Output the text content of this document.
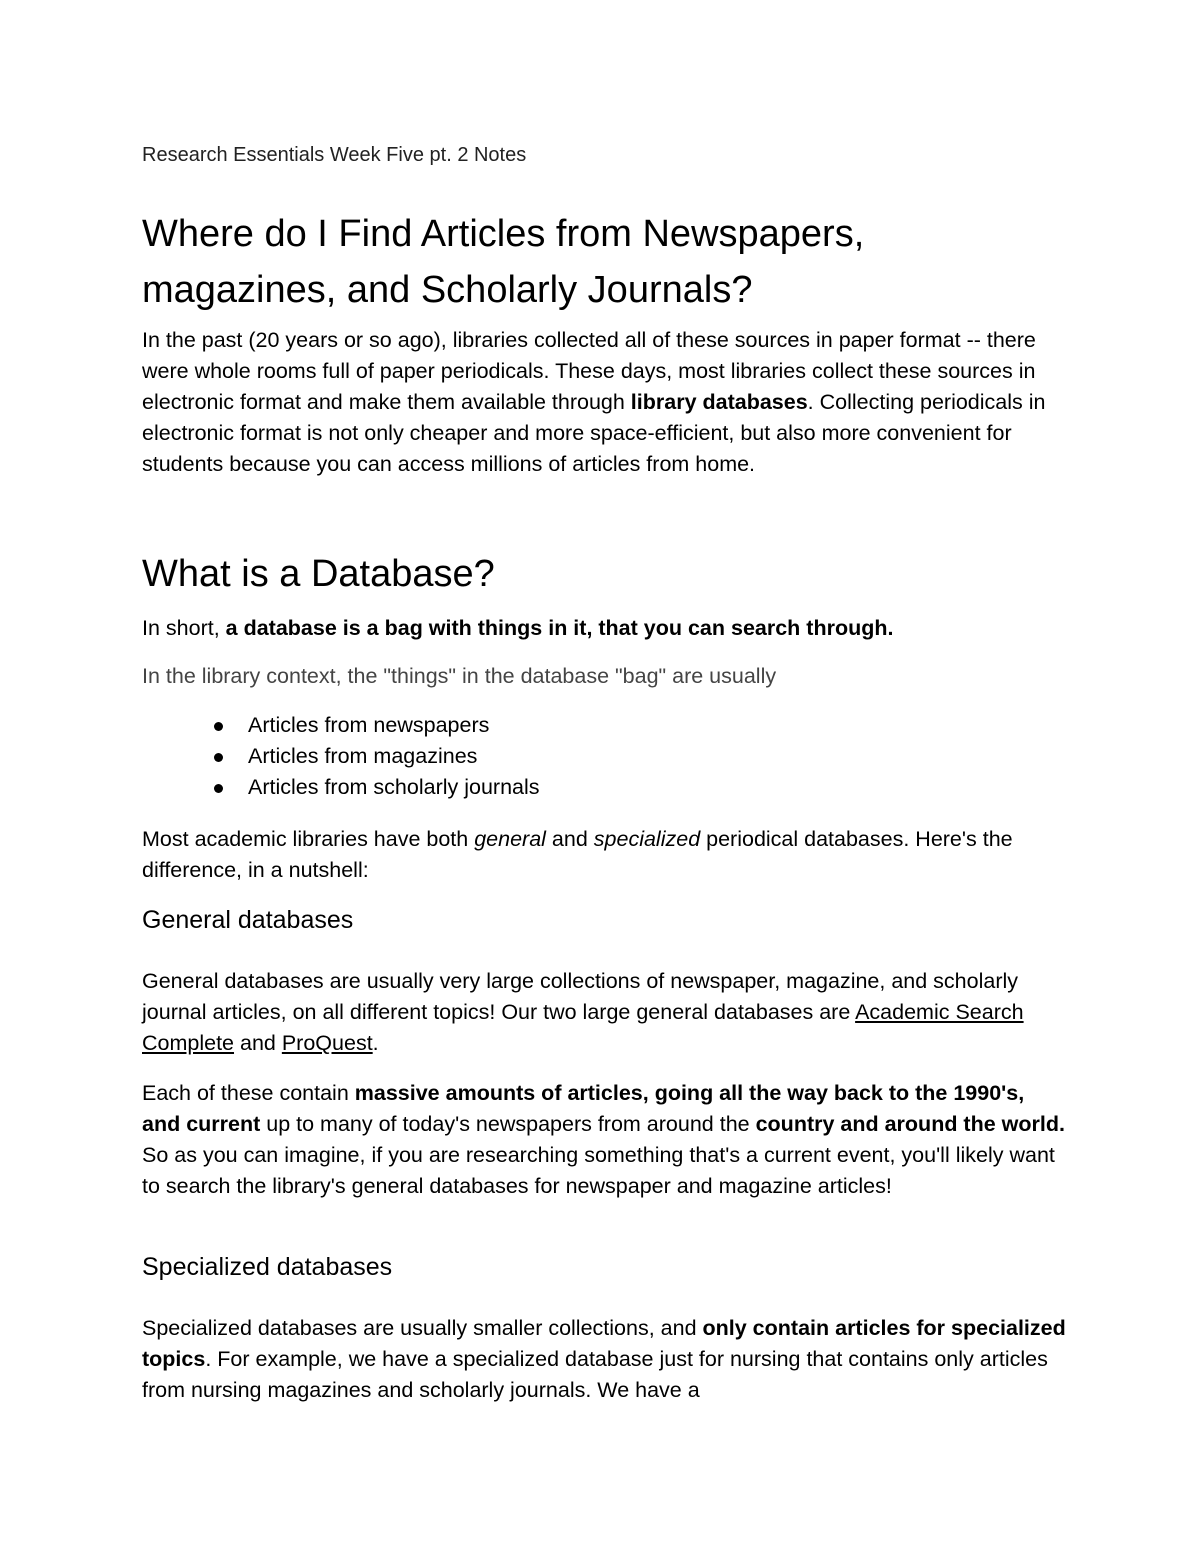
Research Essentials Week Five pt. 2 Notes

Where do I Find Articles from Newspapers,
magazines, and Scholarly Journals?

In the past (20 years or so ago), libraries collected all of these sources in paper format -- there were whole rooms full of paper periodicals. These days, most libraries collect these sources in electronic format and make them available through library databases. Collecting periodicals in electronic format is not only cheaper and more space-efficient, but also more convenient for students because you can access millions of articles from home.

What is a Database?

In short, a database is a bag with things in it, that you can search through.

In the library context, the "things" in the database "bag" are usually

Articles from newspapers
Articles from magazines
Articles from scholarly journals

Most academic libraries have both general and specialized periodical databases. Here's the difference, in a nutshell:

General databases

General databases are usually very large collections of newspaper, magazine, and scholarly journal articles, on all different topics! Our two large general databases are Academic Search Complete and ProQuest.

Each of these contain massive amounts of articles, going all the way back to the 1990's, and current up to many of today's newspapers from around the country and around the world. So as you can imagine, if you are researching something that's a current event, you'll likely want to search the library's general databases for newspaper and magazine articles!

Specialized databases

Specialized databases are usually smaller collections, and only contain articles for specialized topics. For example, we have a specialized database just for nursing that contains only articles from nursing magazines and scholarly journals. We have a
